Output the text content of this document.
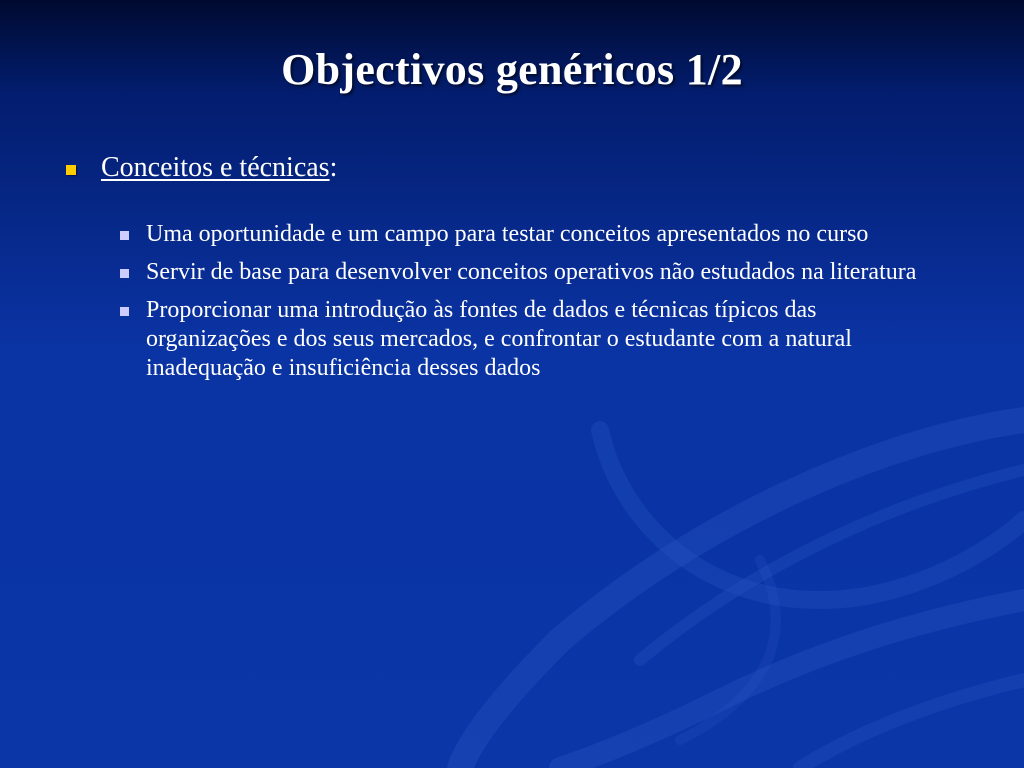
Objectivos genéricos 1/2
Conceitos e técnicas:
Uma oportunidade e um campo para testar conceitos apresentados no curso
Servir de base para desenvolver conceitos operativos não estudados na literatura
Proporcionar uma introdução às fontes de dados e técnicas típicos das organizações e dos seus mercados, e confrontar o estudante com a natural inadequação e insuficiência desses dados
